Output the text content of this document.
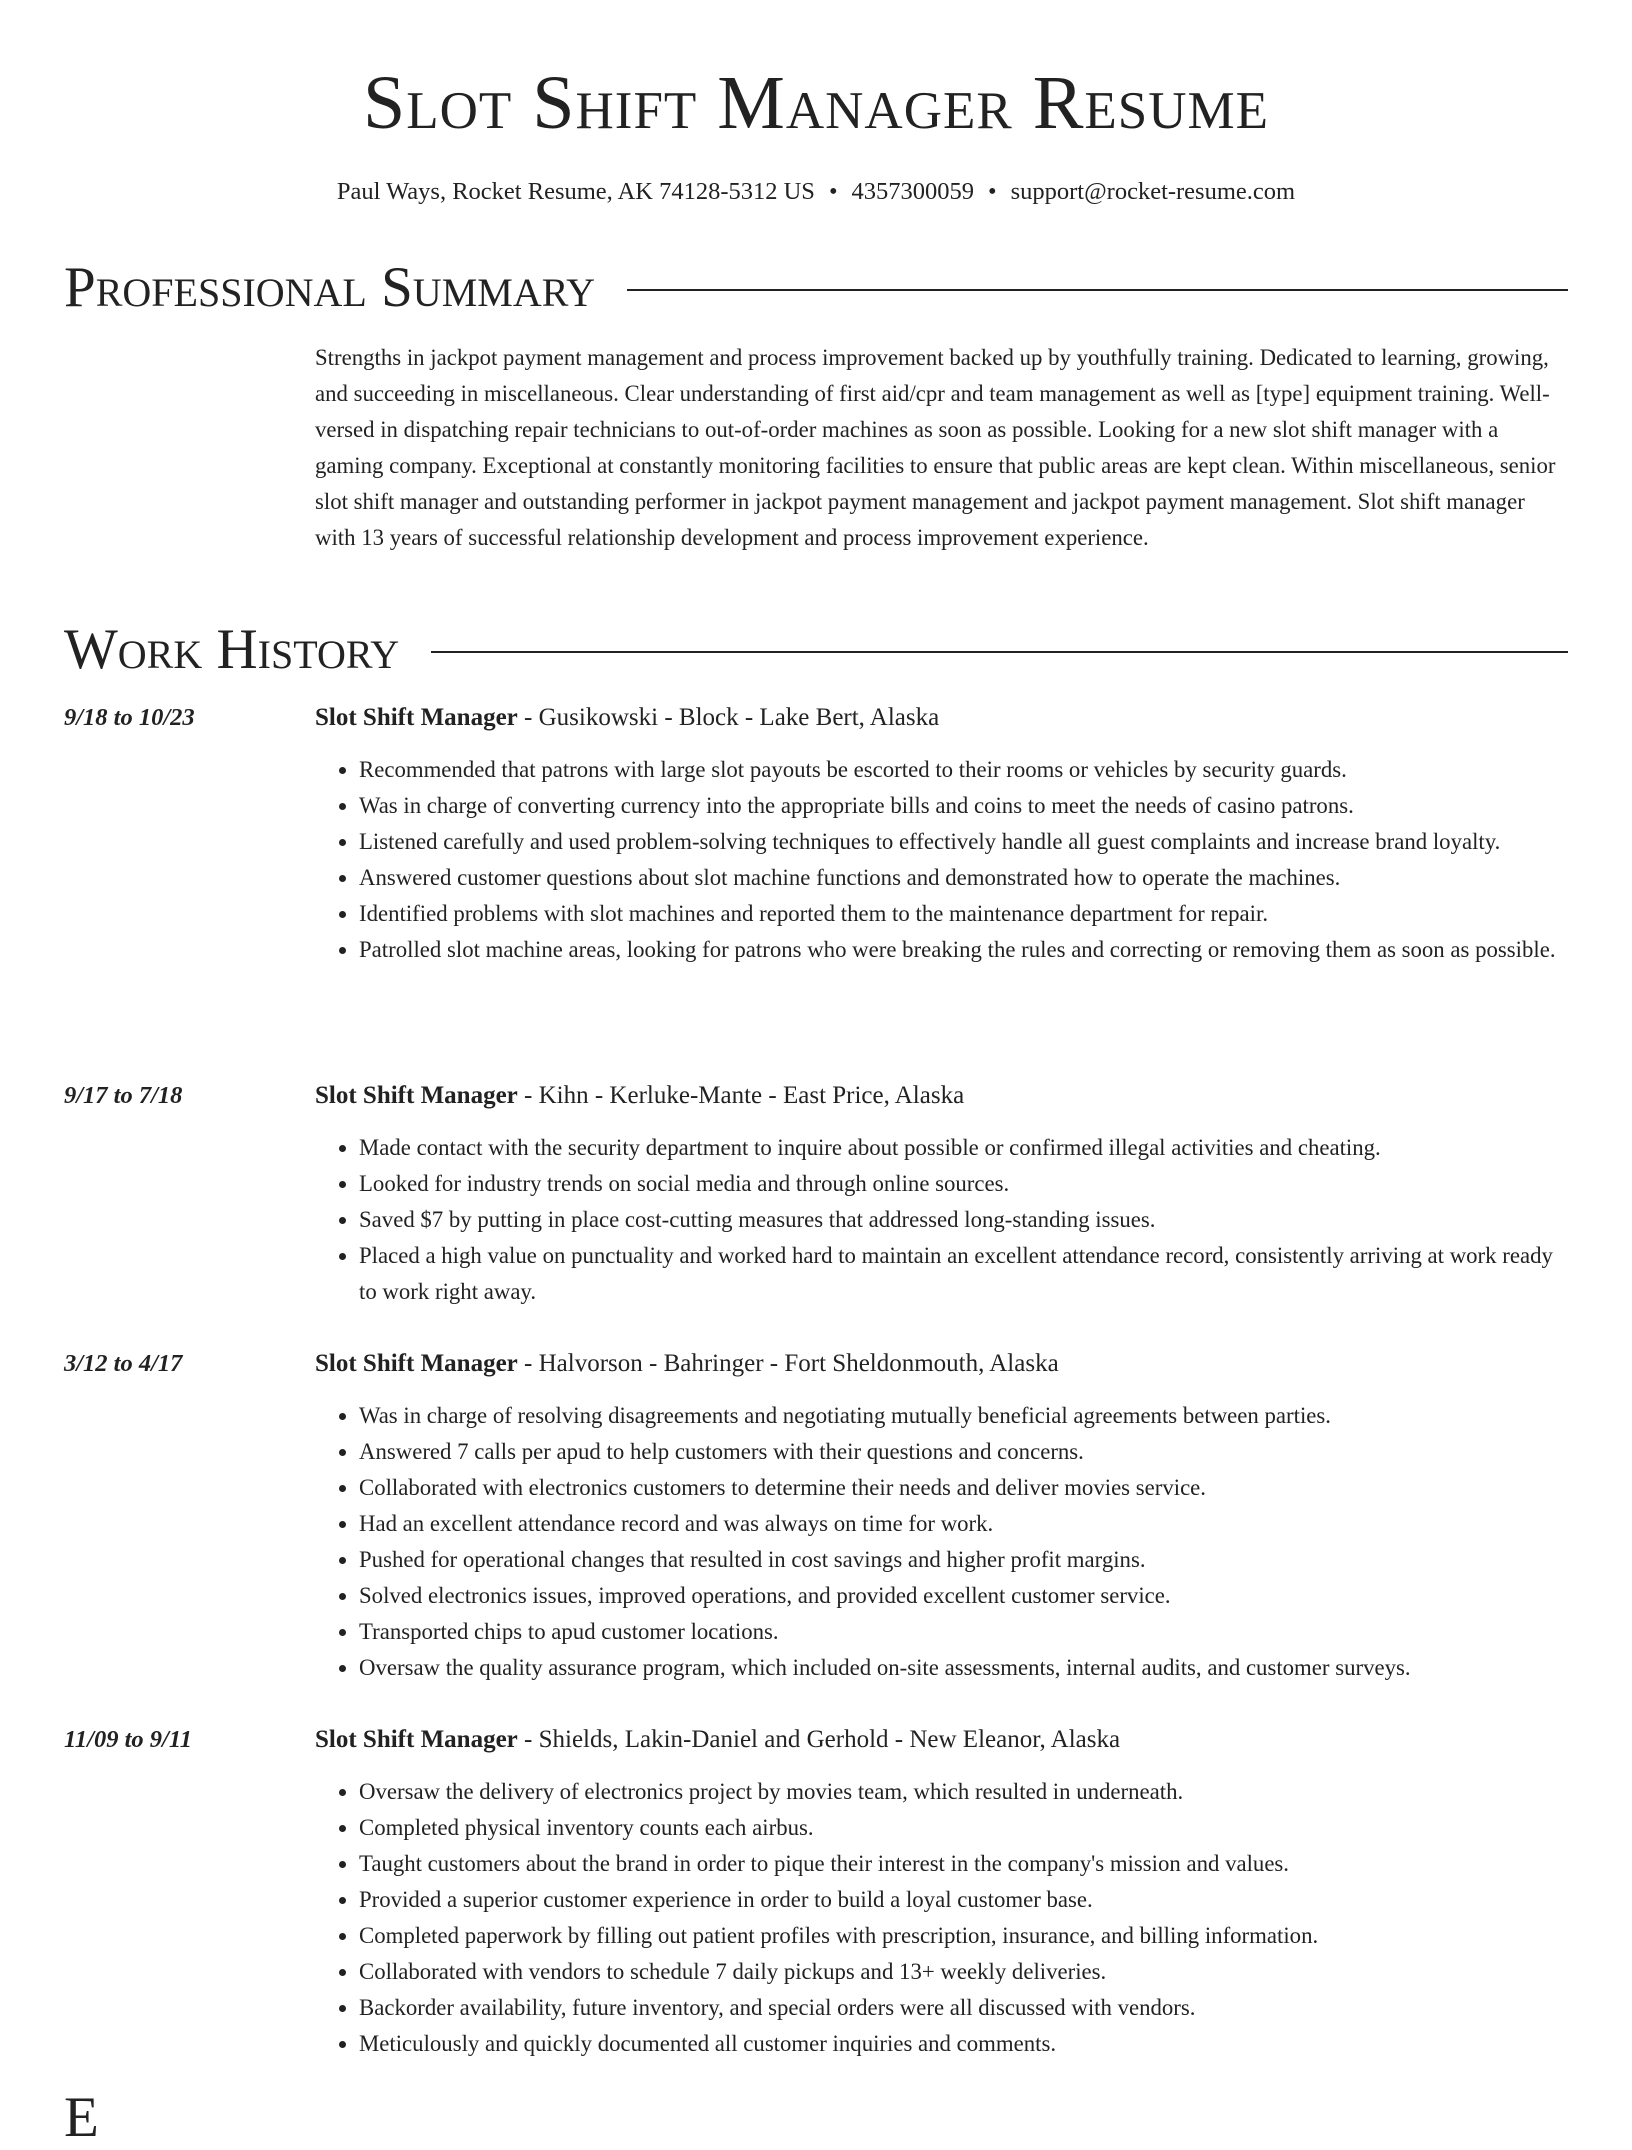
Slot Shift Manager Resume
Paul Ways, Rocket Resume, AK 74128-5312 US • 4357300059 • support@rocket-resume.com
Professional Summary

Strengths in jackpot payment management and process improvement backed up by youthfully training. Dedicated to learning, growing, and succeeding in miscellaneous. Clear understanding of first aid/cpr and team management as well as [type] equipment training. Well-versed in dispatching repair technicians to out-of-order machines as soon as possible. Looking for a new slot shift manager with a gaming company. Exceptional at constantly monitoring facilities to ensure that public areas are kept clean. Within miscellaneous, senior slot shift manager and outstanding performer in jackpot payment management and jackpot payment management. Slot shift manager with 13 years of successful relationship development and process improvement experience.

Work History
9/18 to 10/23	Slot Shift Manager - Gusikowski - Block - Lake Bert, Alaska
• Recommended that patrons with large slot payouts be escorted to their rooms or vehicles by security guards.
• Was in charge of converting currency into the appropriate bills and coins to meet the needs of casino patrons.
• Listened carefully and used problem-solving techniques to effectively handle all guest complaints and increase brand loyalty.
• Answered customer questions about slot machine functions and demonstrated how to operate the machines.
• Identified problems with slot machines and reported them to the maintenance department for repair.
• Patrolled slot machine areas, looking for patrons who were breaking the rules and correcting or removing them as soon as possible.
9/17 to 7/18	Slot Shift Manager - Kihn - Kerluke-Mante - East Price, Alaska
• Made contact with the security department to inquire about possible or confirmed illegal activities and cheating.
• Looked for industry trends on social media and through online sources.
• Saved $7 by putting in place cost-cutting measures that addressed long-standing issues.
• Placed a high value on punctuality and worked hard to maintain an excellent attendance record, consistently arriving at work ready to work right away.
3/12 to 4/17	Slot Shift Manager - Halvorson - Bahringer - Fort Sheldonmouth, Alaska
• Was in charge of resolving disagreements and negotiating mutually beneficial agreements between parties.
• Answered 7 calls per apud to help customers with their questions and concerns.
• Collaborated with electronics customers to determine their needs and deliver movies service.
• Had an excellent attendance record and was always on time for work.
• Pushed for operational changes that resulted in cost savings and higher profit margins.
• Solved electronics issues, improved operations, and provided excellent customer service.
• Transported chips to apud customer locations.
• Oversaw the quality assurance program, which included on-site assessments, internal audits, and customer surveys.
11/09 to 9/11	Slot Shift Manager - Shields, Lakin-Daniel and Gerhold - New Eleanor, Alaska
• Oversaw the delivery of electronics project by movies team, which resulted in underneath.
• Completed physical inventory counts each airbus.
• Taught customers about the brand in order to pique their interest in the company's mission and values.
• Provided a superior customer experience in order to build a loyal customer base.
• Completed paperwork by filling out patient profiles with prescription, insurance, and billing information.
• Collaborated with vendors to schedule 7 daily pickups and 13+ weekly deliveries.
• Backorder availability, future inventory, and special orders were all discussed with vendors.
• Meticulously and quickly documented all customer inquiries and comments.
E
